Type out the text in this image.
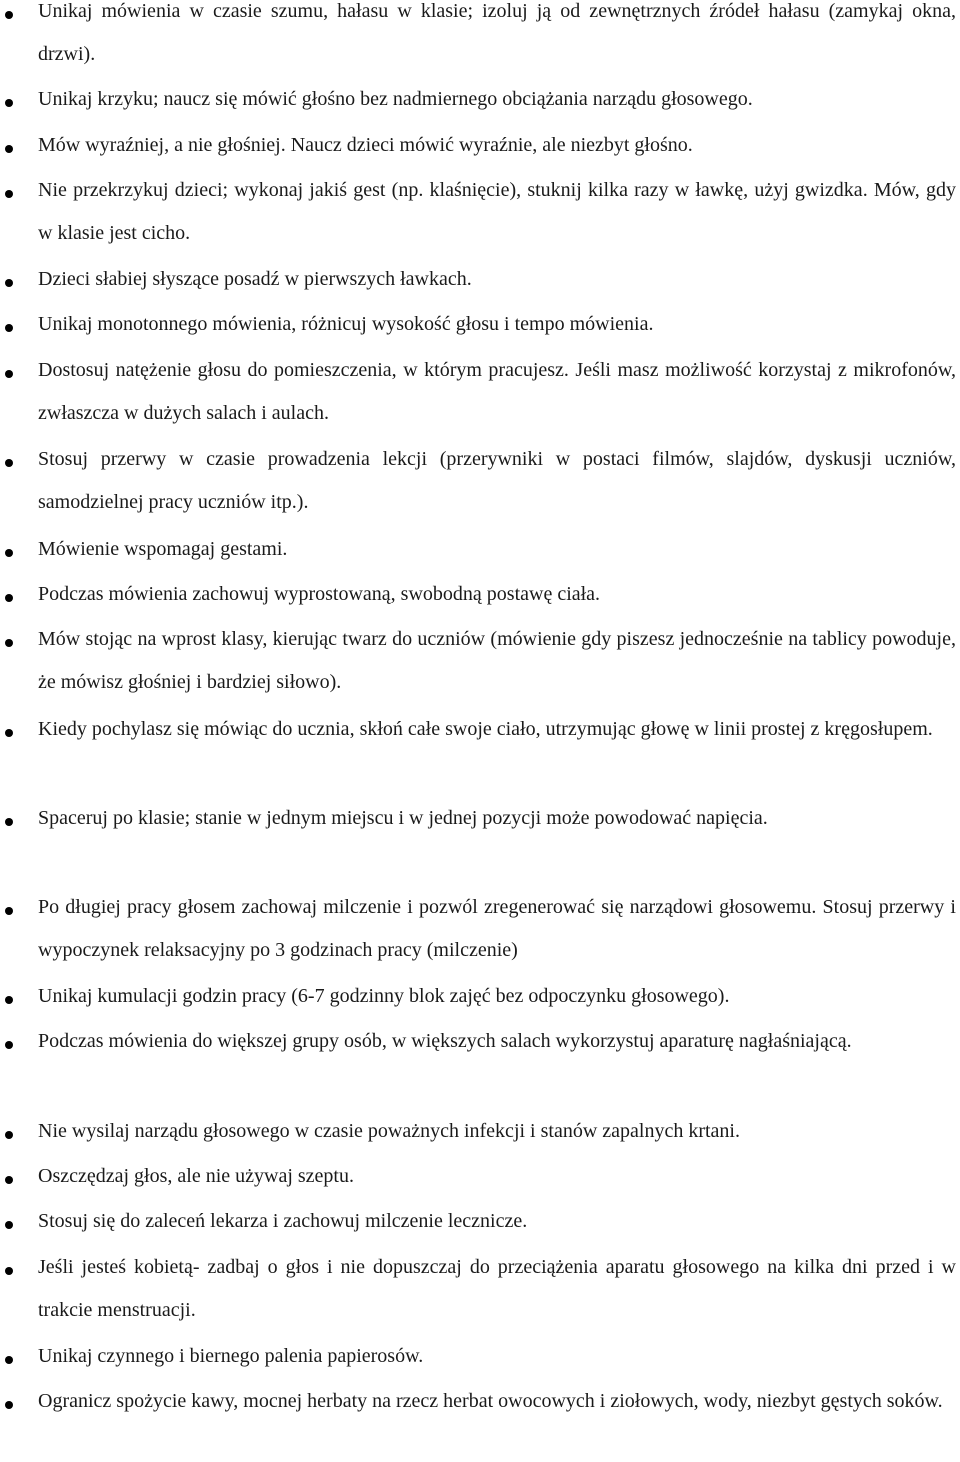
Unikaj mówienia w czasie szumu, hałasu w klasie; izoluj ją od zewnętrznych źródeł hałasu (zamykaj okna, drzwi).
Unikaj krzyku; naucz się mówić głośno bez nadmiernego obciążania narządu głosowego.
Mów wyraźniej, a nie głośniej. Naucz dzieci mówić wyraźnie, ale niezbyt głośno.
Nie przekrzykuj dzieci; wykonaj jakiś gest (np. klaśnięcie), stuknij kilka razy w ławkę, użyj gwizdka. Mów, gdy w klasie jest cicho.
Dzieci słabiej słyszące posadź w pierwszych ławkach.
Unikaj monotonnego mówienia, różnicuj wysokość głosu i tempo mówienia.
Dostosuj natężenie głosu do pomieszczenia, w którym pracujesz. Jeśli masz możliwość korzystaj z mikrofonów, zwłaszcza w dużych salach i aulach.
Stosuj przerwy w czasie prowadzenia lekcji (przerywniki w postaci filmów, slajdów, dyskusji uczniów, samodzielnej pracy uczniów itp.).
Mówienie wspomagaj gestami.
Podczas mówienia zachowuj wyprostowaną, swobodną postawę ciała.
Mów stojąc na wprost klasy, kierując twarz do uczniów (mówienie gdy piszesz jednocześnie na tablicy powoduje, że mówisz głośniej i bardziej siłowo).
Kiedy pochylasz się mówiąc do ucznia, skłoń całe swoje ciało, utrzymując głowę w linii prostej z kręgosłupem.
Spaceruj po klasie; stanie w jednym miejscu i w jednej pozycji może powodować napięcia.
Po długiej pracy głosem zachowaj milczenie i pozwól zregenerować się narządowi głosowemu. Stosuj przerwy i wypoczynek relaksacyjny po 3 godzinach pracy (milczenie)
Unikaj kumulacji godzin pracy (6-7 godzinny blok zajęć bez odpoczynku głosowego).
Podczas mówienia do większej grupy osób, w większych salach wykorzystuj aparaturę nagłaśniającą.
Nie wysilaj narządu głosowego w czasie poważnych infekcji i stanów zapalnych krtani.
Oszczędzaj głos, ale nie używaj szeptu.
Stosuj się do zaleceń lekarza i zachowuj milczenie lecznicze.
Jeśli jesteś kobietą- zadbaj o głos i nie dopuszczaj do przeciążenia aparatu głosowego na kilka dni przed i w trakcie menstruacji.
Unikaj czynnego i biernego palenia papierosów.
Ogranicz spożycie kawy, mocnej herbaty na rzecz herbat owocowych i ziołowych, wody, niezbyt gęstych soków.
